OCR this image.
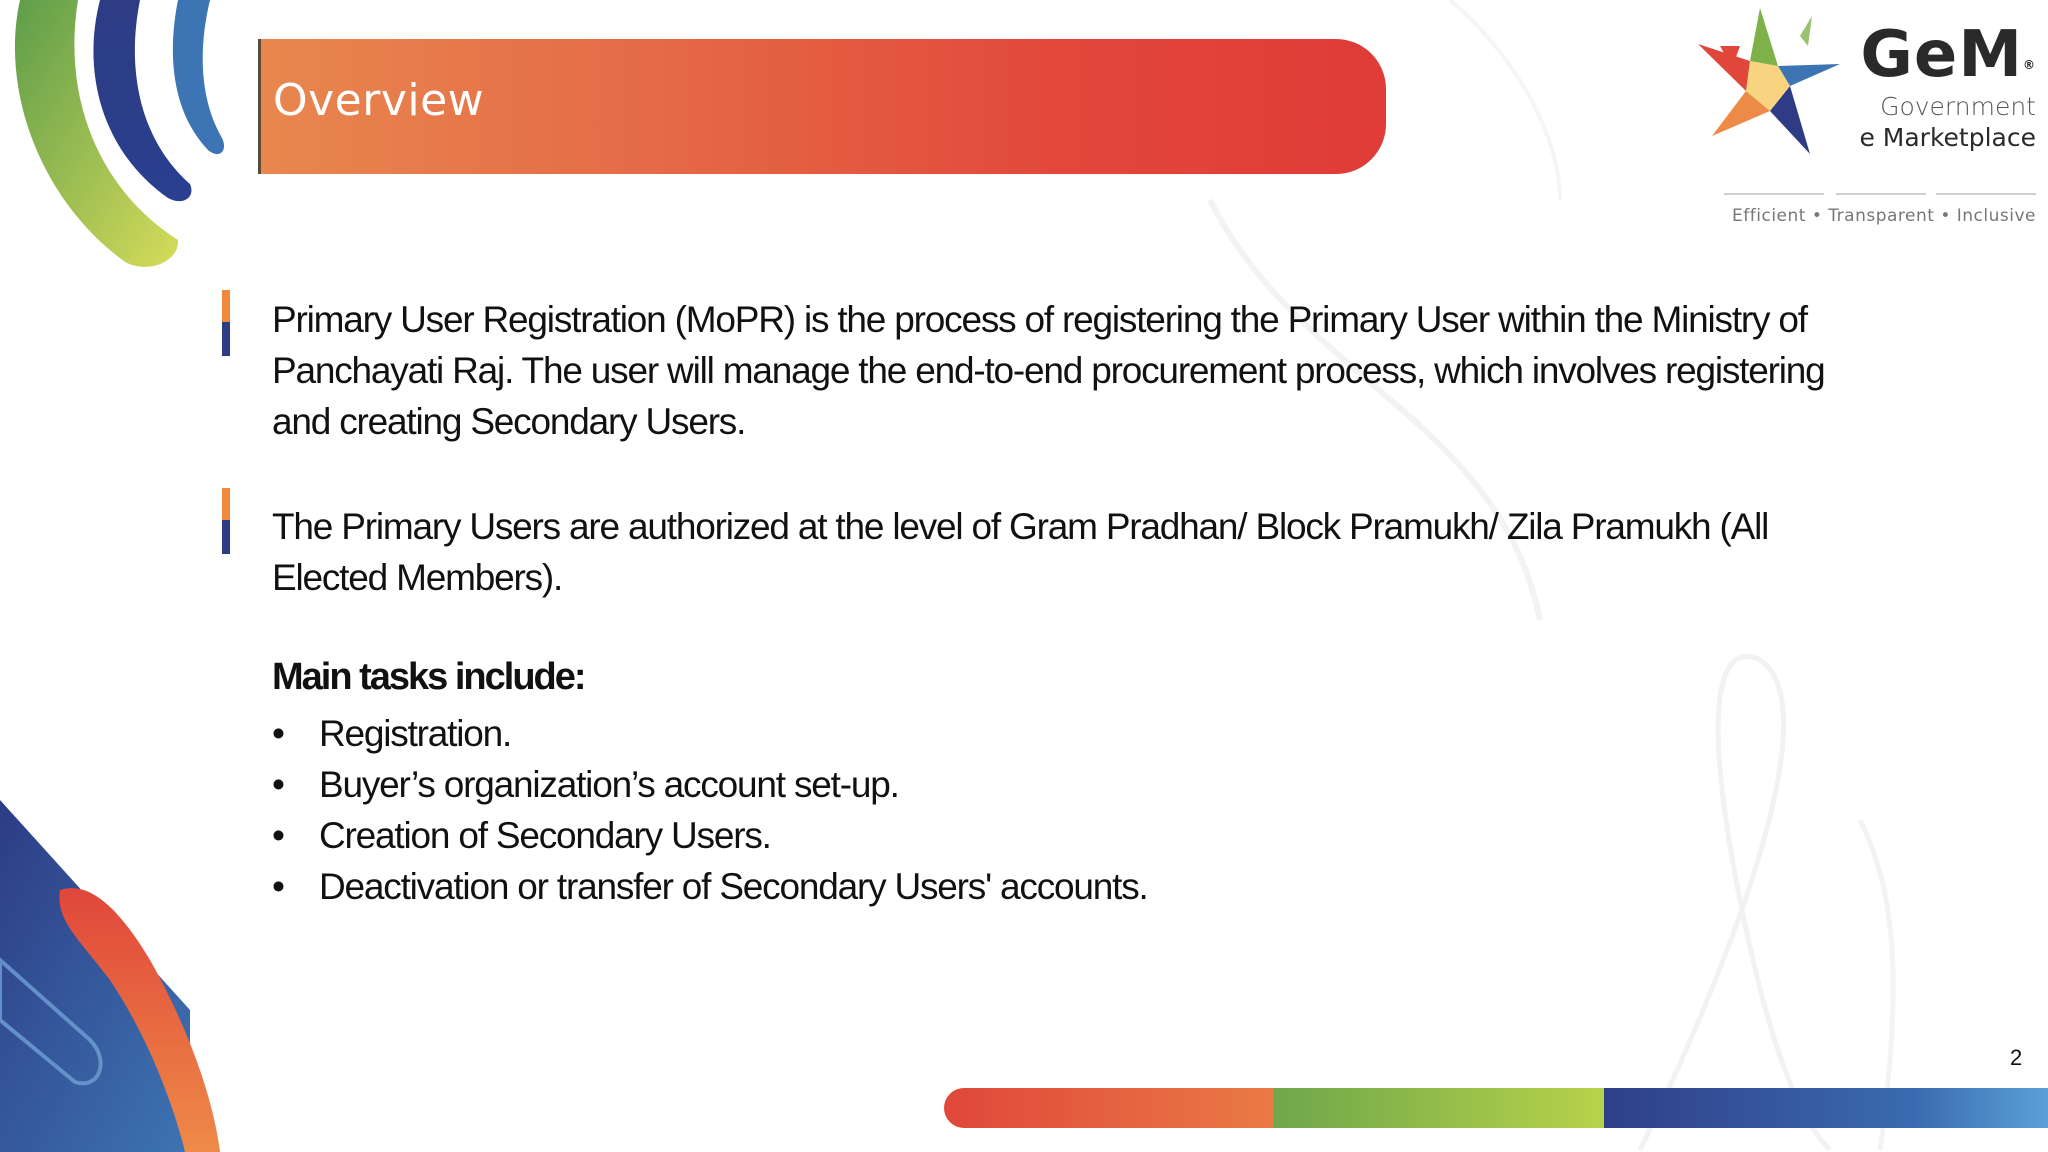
Overview
GeM®
Government
e Marketplace
Efficient • Transparent • Inclusive
Primary User Registration (MoPR) is the process of registering the Primary User within the Ministry of Panchayati Raj. The user will manage the end-to-end procurement process, which involves registering and creating Secondary Users.
The Primary Users are authorized at the level of Gram Pradhan/ Block Pramukh/ Zila Pramukh (All Elected Members).
Main tasks include:
• Registration.
• Buyer’s organization’s account set-up.
• Creation of Secondary Users.
• Deactivation or transfer of Secondary Users' accounts.
2
